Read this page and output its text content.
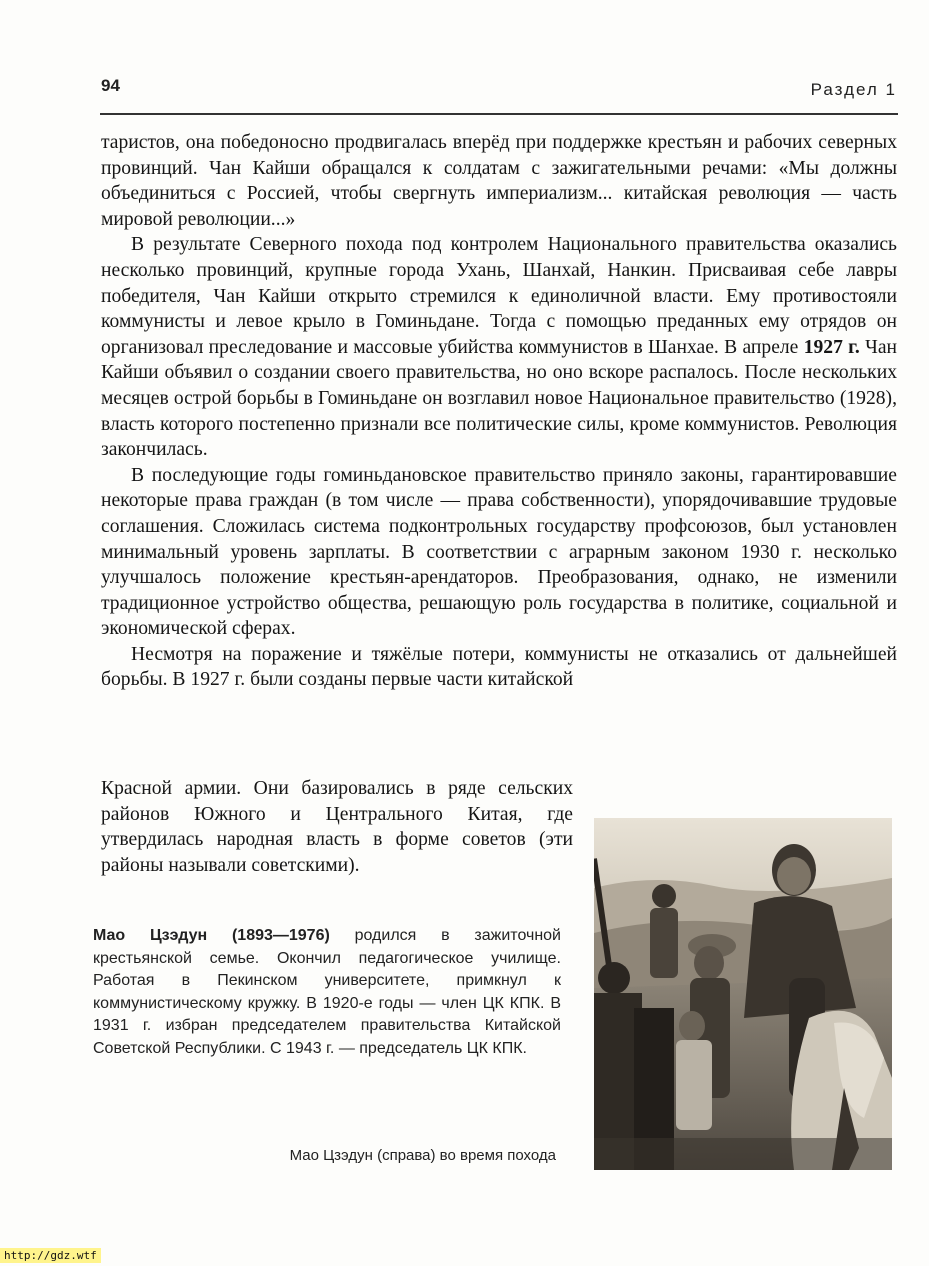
94	Раздел 1

таристов, она победоносно продвигалась вперёд при поддержке крестьян и рабочих северных провинций. Чан Кайши обращался к солдатам с зажигательными речами: «Мы должны объединиться с Россией, чтобы свергнуть империализм... китайская революция — часть мировой революции...»

В результате Северного похода под контролем Национального правительства оказались несколько провинций, крупные города Ухань, Шанхай, Нанкин. Присваивая себе лавры победителя, Чан Кайши открыто стремился к единоличной власти. Ему противостояли коммунисты и левое крыло в Гоминьдане. Тогда с помощью преданных ему отрядов он организовал преследование и массовые убийства коммунистов в Шанхае. В апреле 1927 г. Чан Кайши объявил о создании своего правительства, но оно вскоре распалось. После нескольких месяцев острой борьбы в Гоминьдане он возглавил новое Национальное правительство (1928), власть которого постепенно признали все политические силы, кроме коммунистов. Революция закончилась.

В последующие годы гоминьдановское правительство приняло законы, гарантировавшие некоторые права граждан (в том числе — права собственности), упорядочивавшие трудовые соглашения. Сложилась система подконтрольных государству профсоюзов, был установлен минимальный уровень зарплаты. В соответствии с аграрным законом 1930 г. несколько улучшалось положение крестьян-арендаторов. Преобразования, однако, не изменили традиционное устройство общества, решающую роль государства в политике, социальной и экономической сферах.

Несмотря на поражение и тяжёлые потери, коммунисты не отказались от дальнейшей борьбы. В 1927 г. были созданы первые части китайской

Красной армии. Они базировались в ряде сельских районов Южного и Центрального Китая, где утвердилась народная власть в форме советов (эти районы называли советскими).

Мао Цзэдун (1893—1976) родился в зажиточной крестьянской семье. Окончил педагогическое училище. Работая в Пекинском университете, примкнул к коммунистическому кружку. В 1920-е годы — член ЦК КПК. В 1931 г. избран председателем правительства Китайской Советской Республики. С 1943 г. — председатель ЦК КПК.

Мао Цзэдун (справа) во время похода
http://gdz.wtf
